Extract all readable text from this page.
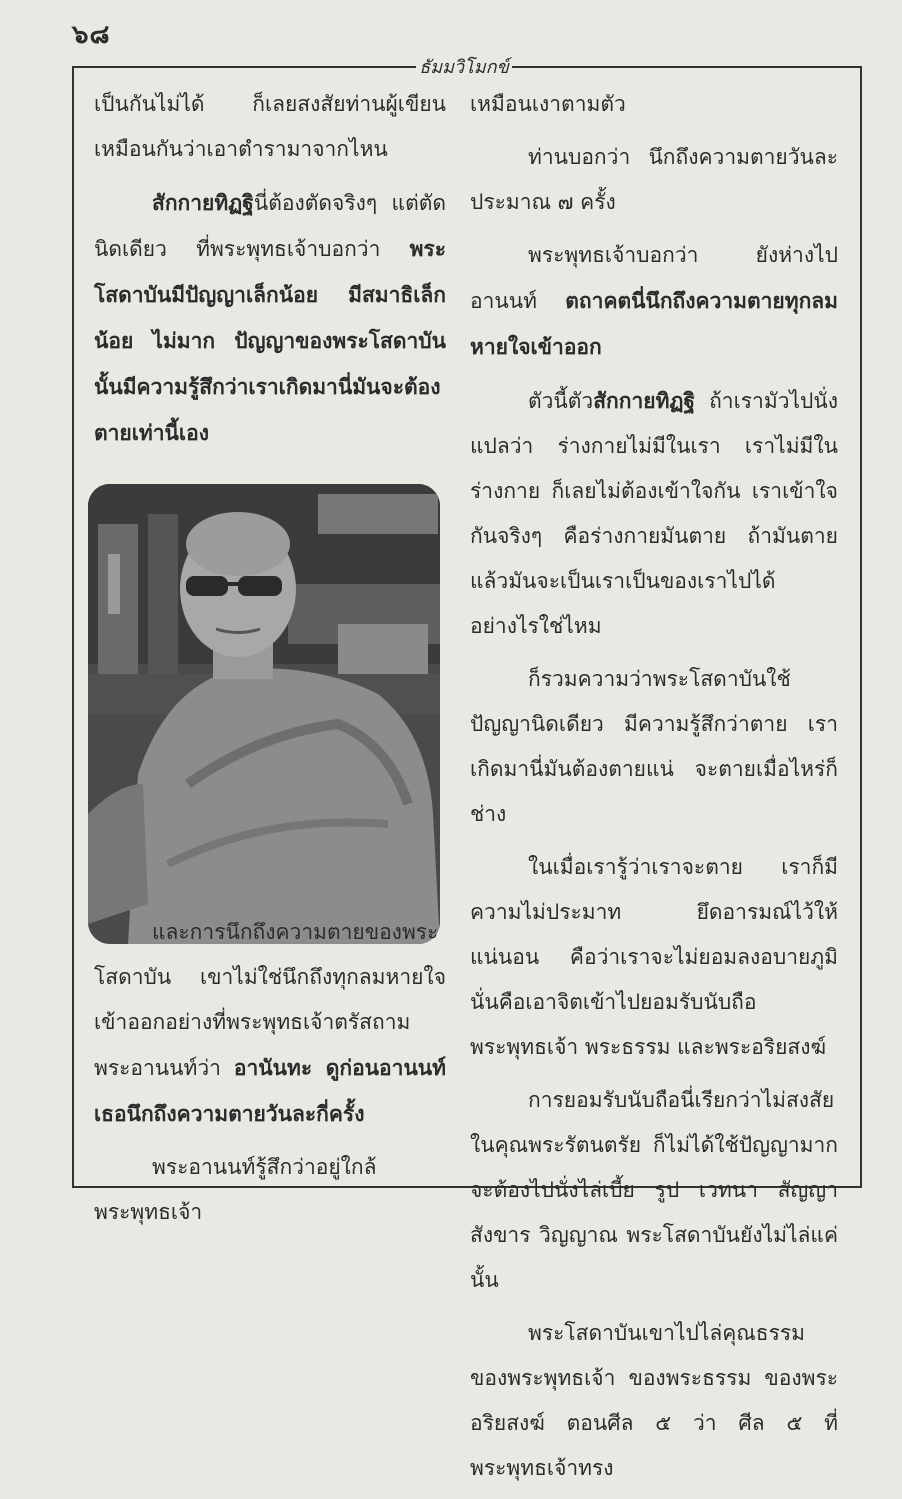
๖๘
ธัมมวิโมกข์

เป็นกันไม่ได้ ก็เลยสงสัยท่านผู้เขียนเหมือนกันว่าเอาตำรามาจากไหน

สักกายทิฏฐินี่ต้องตัดจริงๆ แต่ตัดนิดเดียว ที่พระพุทธเจ้าบอกว่า พระโสดาบันมีปัญญาเล็กน้อย มีสมาธิเล็กน้อย ไม่มาก ปัญญาของพระโสดาบันนั้นมีความรู้สึกว่าเราเกิดมานี่มันจะต้องตายเท่านี้เอง

และการนึกถึงความตายของพระโสดาบัน เขาไม่ใช่นึกถึงทุกลมหายใจเข้าออกอย่างที่พระพุทธเจ้าตรัสถามพระอานนท์ว่า อานันทะ ดูก่อนอานนท์ เธอนึกถึงความตายวันละกี่ครั้ง

พระอานนท์รู้สึกว่าอยู่ใกล้พระพุทธเจ้า

เหมือนเงาตามตัว

ท่านบอกว่า นึกถึงความตายวันละประมาณ ๗ ครั้ง

พระพุทธเจ้าบอกว่า ยังห่างไปอานนท์ ตถาคตนี่นึกถึงความตายทุกลมหายใจเข้าออก

ตัวนี้ตัวสักกายทิฏฐิ ถ้าเรามัวไปนั่งแปลว่า ร่างกายไม่มีในเรา เราไม่มีในร่างกาย ก็เลยไม่ต้องเข้าใจกัน เราเข้าใจกันจริงๆ คือร่างกายมันตาย ถ้ามันตายแล้วมันจะเป็นเราเป็นของเราไปได้อย่างไรใช่ไหม

ก็รวมความว่าพระโสดาบันใช้ปัญญานิดเดียว มีความรู้สึกว่าตาย เราเกิดมานี่มันต้องตายแน่ จะตายเมื่อไหร่ก็ช่าง

ในเมื่อเรารู้ว่าเราจะตาย เราก็มีความไม่ประมาท ยึดอารมณ์ไว้ให้แน่นอน คือว่าเราจะไม่ยอมลงอบายภูมิ นั่นคือเอาจิตเข้าไปยอมรับนับถือพระพุทธเจ้า พระธรรม และพระอริยสงฆ์

การยอมรับนับถือนี่เรียกว่าไม่สงสัยในคุณพระรัตนตรัย ก็ไม่ได้ใช้ปัญญามาก จะต้องไปนั่งไล่เบี้ย รูป เวทนา สัญญา สังขาร วิญญาณ พระโสดาบันยังไม่ไล่แค่นั้น

พระโสดาบันเขาไปไล่คุณธรรมของพระพุทธเจ้า ของพระธรรม ของพระอริยสงฆ์ ตอนศีล ๕ ว่า ศีล ๕ ที่พระพุทธเจ้าทรง
